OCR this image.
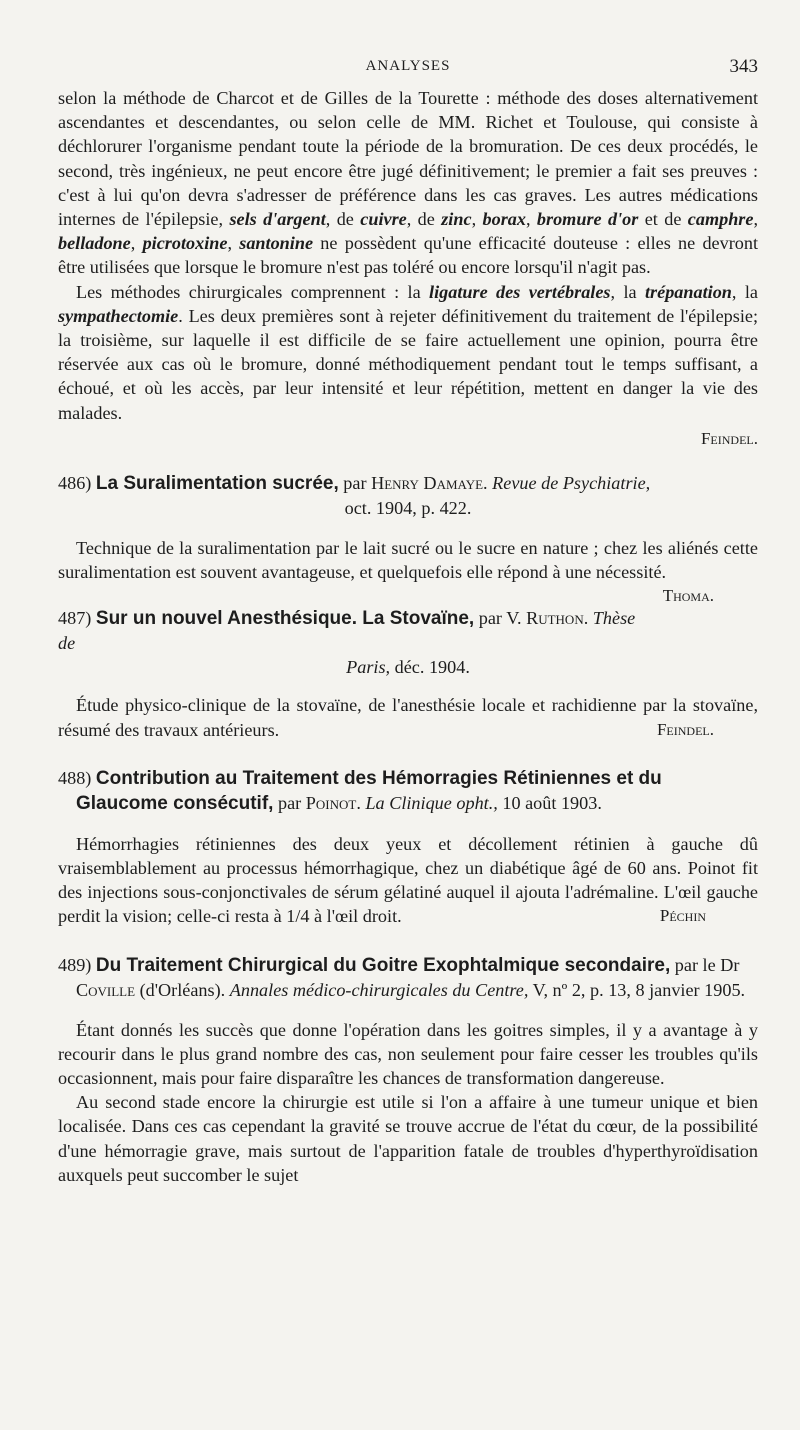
ANALYSES	343

selon la méthode de Charcot et de Gilles de la Tourette : méthode des doses alternativement ascendantes et descendantes, ou selon celle de MM. Richet et Toulouse, qui consiste à déchlorurer l'organisme pendant toute la période de la bromuration. De ces deux procédés, le second, très ingénieux, ne peut encore être jugé définitivement; le premier a fait ses preuves : c'est à lui qu'on devra s'adresser de préférence dans les cas graves. Les autres médications internes de l'épilepsie, sels d'argent, de cuivre, de zinc, borax, bromure d'or et de camphre, belladone, picrotoxine, santonine ne possèdent qu'une efficacité douteuse : elles ne devront être utilisées que lorsque le bromure n'est pas toléré ou encore lorsqu'il n'agit pas.

Les méthodes chirurgicales comprennent : la ligature des vertébrales, la trépanation, la sympathectomie. Les deux premières sont à rejeter définitivement du traitement de l'épilepsie; la troisième, sur laquelle il est difficile de se faire actuellement une opinion, pourra être réservée aux cas où le bromure, donné méthodiquement pendant tout le temps suffisant, a échoué, et où les accès, par leur intensité et leur répétition, mettent en danger la vie des malades.

Feindel.

486) La Suralimentation sucrée, par Henry Damaye. Revue de Psychiatrie,
oct. 1904, p. 422.

Technique de la suralimentation par le lait sucré ou le sucre en nature ; chez les aliénés cette suralimentation est souvent avantageuse, et quelquefois elle répond à une nécessité.
Thoma.

487) Sur un nouvel Anesthésique. La Stovaïne, par V. Ruthon. Thèse de
Paris, déc. 1904.

Étude physico-clinique de la stovaïne, de l'anesthésie locale et rachidienne par la stovaïne, résumé des travaux antérieurs.	Feindel.

488) Contribution au Traitement des Hémorragies Rétiniennes et du Glaucome consécutif, par Poinot. La Clinique opht., 10 août 1903.

Hémorrhagies rétiniennes des deux yeux et décollement rétinien à gauche dû vraisemblablement au processus hémorrhagique, chez un diabétique âgé de 60 ans. Poinot fit des injections sous-conjonctivales de sérum gélatiné auquel il ajouta l'adrémaline. L'œil gauche perdit la vision; celle-ci resta à 1/4 à l'œil droit.	Péchin

489) Du Traitement Chirurgical du Goitre Exophtalmique secondaire, par le Dr Coville (d'Orléans). Annales médico-chirurgicales du Centre, V, nº 2, p. 13, 8 janvier 1905.

Étant donnés les succès que donne l'opération dans les goitres simples, il y a avantage à y recourir dans le plus grand nombre des cas, non seulement pour faire cesser les troubles qu'ils occasionnent, mais pour faire disparaître les chances de transformation dangereuse.

Au second stade encore la chirurgie est utile si l'on a affaire à une tumeur unique et bien localisée. Dans ces cas cependant la gravité se trouve accrue de l'état du cœur, de la possibilité d'une hémorragie grave, mais surtout de l'apparition fatale de troubles d'hyperthyroïdisation auxquels peut succomber le sujet
